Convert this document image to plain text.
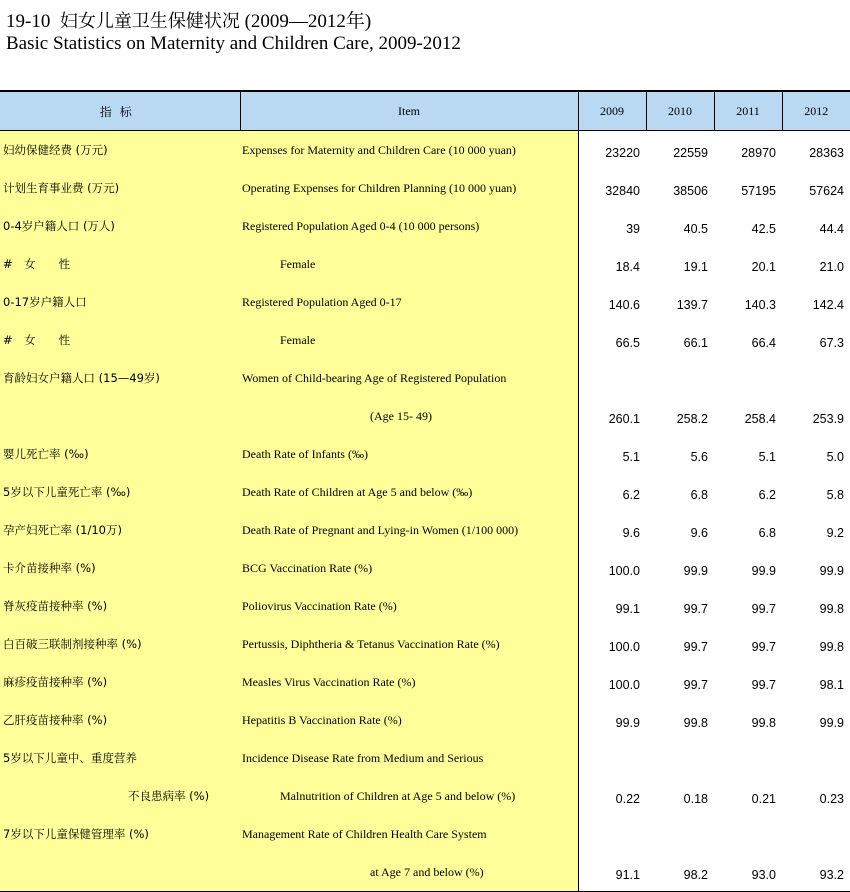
19-10 妇女儿童卫生保健状况 (2009—2012年)
Basic Statistics on Maternity and Children Care, 2009-2012
指标	Item	2009	2010	2011	2012
妇幼保健经费 (万元)	Expenses for Maternity and Children Care (10 000 yuan)	23220	22559	28970	28363
计划生育事业费 (万元)	Operating Expenses for Children Planning (10 000 yuan)	32840	38506	57195	57624
0-4岁户籍人口 (万人)	Registered Population Aged 0-4 (10 000 persons)	39	40.5	42.5	44.4
#　女　　性	Female	18.4	19.1	20.1	21.0
0-17岁户籍人口	Registered Population Aged 0-17	140.6	139.7	140.3	142.4
#　女　　性	Female	66.5	66.1	66.4	67.3
育龄妇女户籍人口 (15—49岁)	Women of Child-bearing Age of Registered Population				
	(Age 15- 49)	260.1	258.2	258.4	253.9
婴儿死亡率 (‰)	Death Rate of Infants (‰)	5.1	5.6	5.1	5.0
5岁以下儿童死亡率 (‰)	Death Rate of Children at Age 5 and below (‰)	6.2	6.8	6.2	5.8
孕产妇死亡率 (1/10万)	Death Rate of Pregnant and Lying-in Women (1/100 000)	9.6	9.6	6.8	9.2
卡介苗接种率 (%)	BCG Vaccination Rate (%)	100.0	99.9	99.9	99.9
脊灰疫苗接种率 (%)	Poliovirus Vaccination Rate (%)	99.1	99.7	99.7	99.8
白百破三联制剂接种率 (%)	Pertussis, Diphtheria & Tetanus Vaccination Rate (%)	100.0	99.7	99.7	99.8
麻疹疫苗接种率 (%)	Measles Virus Vaccination Rate (%)	100.0	99.7	99.7	98.1
乙肝疫苗接种率 (%)	Hepatitis B Vaccination Rate (%)	99.9	99.8	99.8	99.9
5岁以下儿童中、重度营养	Incidence Disease Rate from Medium and Serious				
不良患病率 (%)	Malnutrition of Children at Age 5 and below (%)	0.22	0.18	0.21	0.23
7岁以下儿童保健管理率 (%)	Management Rate of Children Health Care System				
	at Age 7 and below (%)	91.1	98.2	93.0	93.2
